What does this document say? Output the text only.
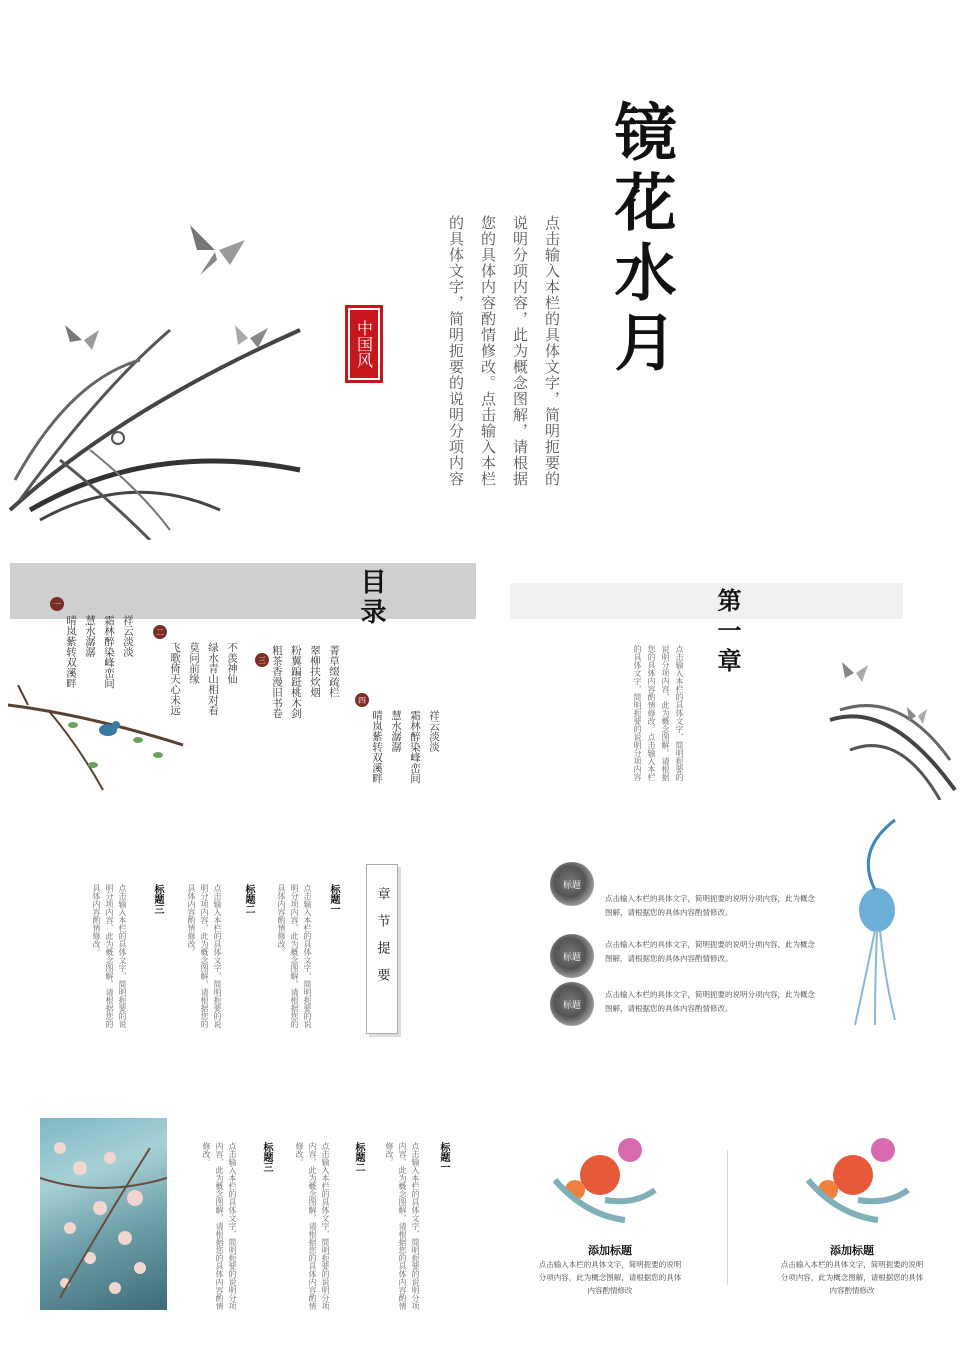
中国风	点击输入本栏的具体文字，简明扼要的说明分项内容，此为概念图解，请根据您的具体内容酌情修改。点击输入本栏的具体文字，简明扼要的说明分项内容	镜花水月
目录
一
祥云淡淡
霜林醉染峰峦间
慧水潺潺
晴岚紫转双溪畔	二
不羡神仙
绿水青山相对看
莫问前缘
飞歌倚天心未远	三	菁草缀疏栏
翠柳扶炊烟
粉翼蹁跹桃木剑
粗茶香漫旧书卷	四
祥云淡淡
霜林醉染峰峦间
慧水潺潺
晴岚紫转双溪畔
第一章
点击输入本栏的具体文字，简明扼要的说明分项内容，此为概念图解，请根据您的具体内容酌情修改。点击输入本栏的具体文字，简明扼要的说明分项内容
章节提要
标题一
点击输入本栏的具体文字，简明扼要的说明分项内容，此为概念图解，请根据您的具体内容酌情修改。
标题二
点击输入本栏的具体文字，简明扼要的说明分项内容，此为概念图解，请根据您的具体内容酌情修改。
标题三
点击输入本栏的具体文字，简明扼要的说明分项内容，此为概念图解，请根据您的具体内容酌情修改。	标题
点击输入本栏的具体文字，简明扼要的说明分项内容，此为概念
图解，请根据您的具体内容酌情修改。
标题
点击输入本栏的具体文字，简明扼要的说明分项内容，此为概念
图解，请根据您的具体内容酌情修改。
标题
点击输入本栏的具体文字，简明扼要的说明分项内容，此为概念
图解，请根据您的具体内容酌情修改。
标题一
点击输入本栏的具体文字，简明扼要的说明分项内容，此为概念图解，请根据您的具体内容酌情修改。
标题二
点击输入本栏的具体文字，简明扼要的说明分项内容，此为概念图解，请根据您的具体内容酌情修改。
标题三
点击输入本栏的具体文字，简明扼要的说明分项内容，此为概念图解，请根据您的具体内容酌情修改。
添加标题
点击输入本栏的具体文字，简明扼要的说明
分项内容，此为概念图解，请根据您的具体
内容酌情修改
添加标题
点击输入本栏的具体文字，简明扼要的说明
分项内容，此为概念图解，请根据您的具体
内容酌情修改
